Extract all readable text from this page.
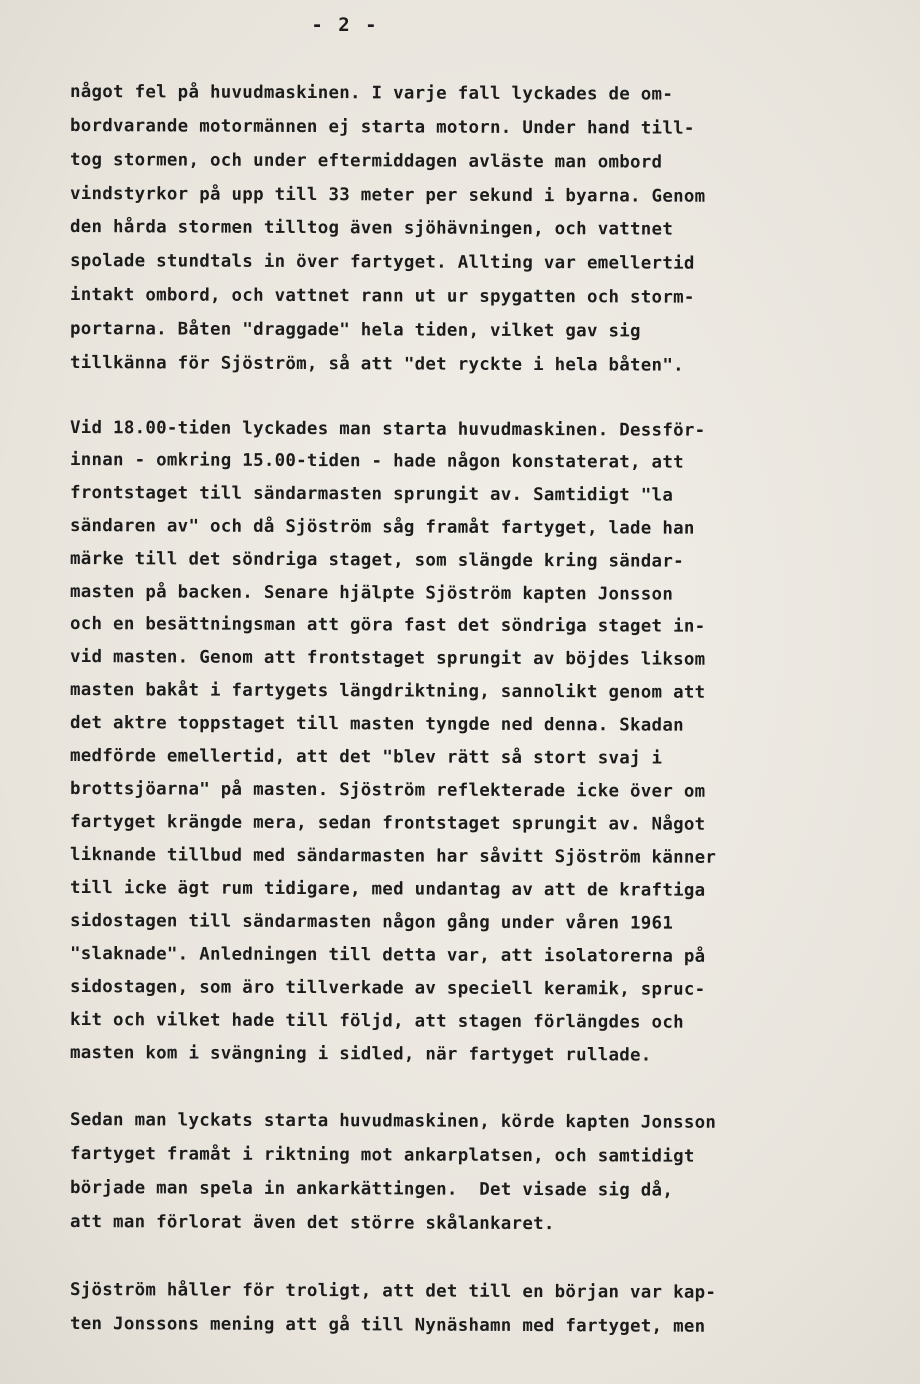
- 2 -
något fel på huvudmaskinen. I varje fall lyckades de om-
bordvarande motormännen ej starta motorn. Under hand till-
tog stormen, och under eftermiddagen avläste man ombord
vindstyrkor på upp till 33 meter per sekund i byarna. Genom
den hårda stormen tilltog även sjöhävningen, och vattnet
spolade stundtals in över fartyget. Allting var emellertid
intakt ombord, och vattnet rann ut ur spygatten och storm-
portarna. Båten "draggade" hela tiden, vilket gav sig
tillkänna för Sjöström, så att "det ryckte i hela båten".
Vid 18.00-tiden lyckades man starta huvudmaskinen. Dessför-
innan - omkring 15.00-tiden - hade någon konstaterat, att
frontstaget till sändarmasten sprungit av. Samtidigt "la
sändaren av" och då Sjöström såg framåt fartyget, lade han
märke till det söndriga staget, som slängde kring sändar-
masten på backen. Senare hjälpte Sjöström kapten Jonsson
och en besättningsman att göra fast det söndriga staget in-
vid masten. Genom att frontstaget sprungit av böjdes liksom
masten bakåt i fartygets längdriktning, sannolikt genom att
det aktre toppstaget till masten tyngde ned denna. Skadan
medförde emellertid, att det "blev rätt så stort svaj i
brottsjöarna" på masten. Sjöström reflekterade icke över om
fartyget krängde mera, sedan frontstaget sprungit av. Något
liknande tillbud med sändarmasten har såvitt Sjöström känner
till icke ägt rum tidigare, med undantag av att de kraftiga
sidostagen till sändarmasten någon gång under våren 1961
"slaknade". Anledningen till detta var, att isolatorerna på
sidostagen, som äro tillverkade av speciell keramik, spruc-
kit och vilket hade till följd, att stagen förlängdes och
masten kom i svängning i sidled, när fartyget rullade.
Sedan man lyckats starta huvudmaskinen, körde kapten Jonsson
fartyget framåt i riktning mot ankarplatsen, och samtidigt
började man spela in ankarkättingen.  Det visade sig då,
att man förlorat även det större skålankaret.
Sjöström håller för troligt, att det till en början var kap-
ten Jonssons mening att gå till Nynäshamn med fartyget, men
